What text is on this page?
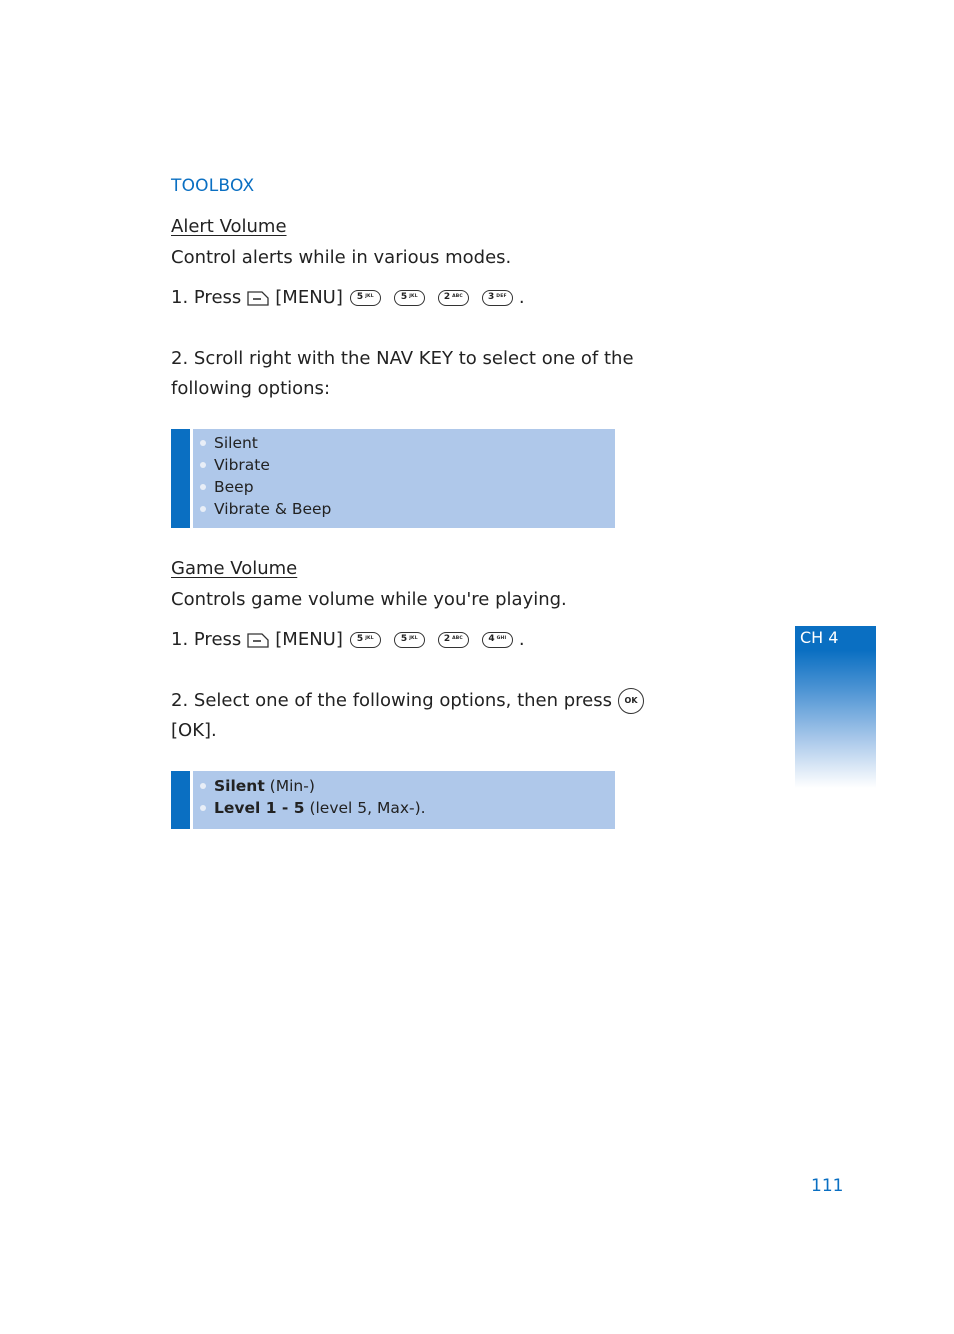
TOOLBOX
Alert Volume
Control alerts while in various modes.
1. Press [MENU] 5 JKL	5 JKL	2 ABC	3 DEF .
2. Scroll right with the NAV KEY to select one of the
following options:
Silent
Vibrate
Beep
Vibrate & Beep
Game Volume
Controls game volume while you're playing.
1. Press [MENU] 5 JKL	5 JKL	2 ABC	4 GHI .
2. Select one of the following options, then press OK
[OK].
Silent (Min-)
Level 1 - 5 (level 5, Max-).
CH 4
111
